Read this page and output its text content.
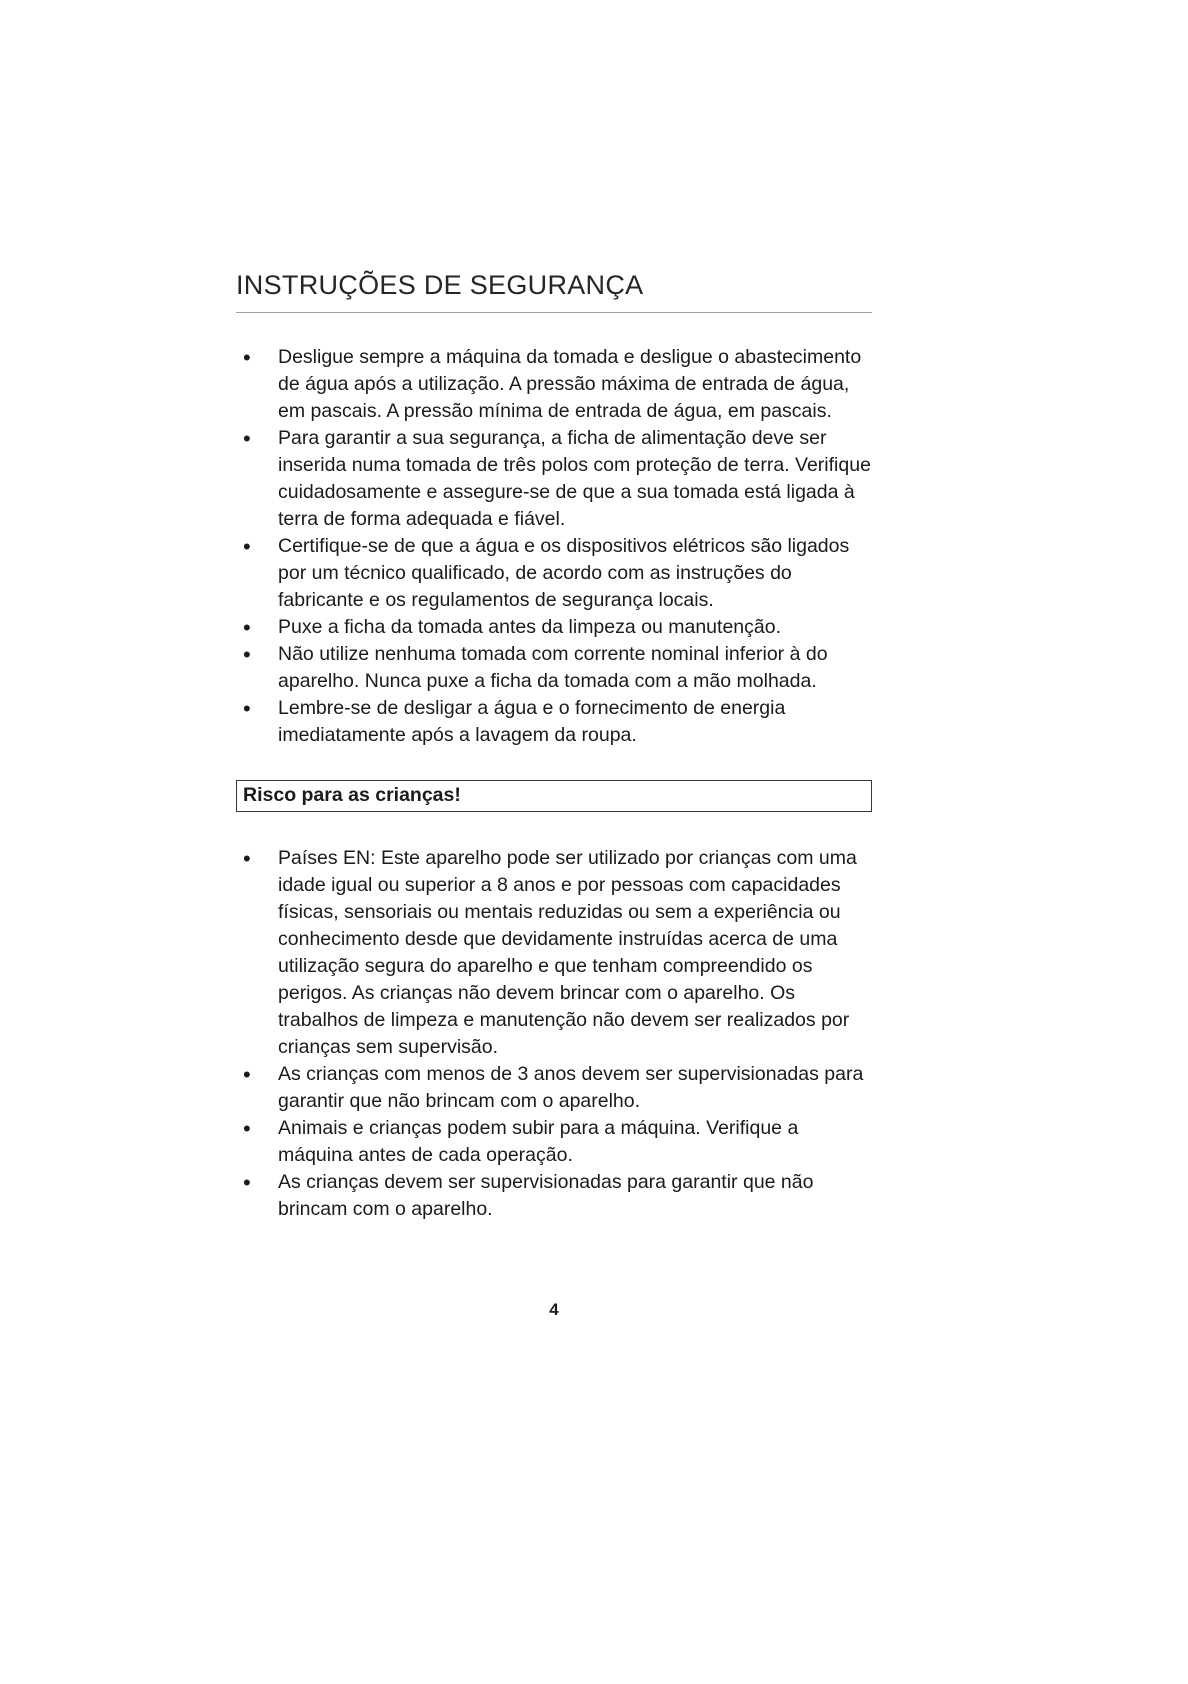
INSTRUÇÕES DE SEGURANÇA
• Desligue sempre a máquina da tomada e desligue o abastecimento de água após a utilização. A pressão máxima de entrada de água, em pascais. A pressão mínima de entrada de água, em pascais.
• Para garantir a sua segurança, a ficha de alimentação deve ser inserida numa tomada de três polos com proteção de terra. Verifique cuidadosamente e assegure-se de que a sua tomada está ligada à terra de forma adequada e fiável.
• Certifique-se de que a água e os dispositivos elétricos são ligados por um técnico qualificado, de acordo com as instruções do fabricante e os regulamentos de segurança locais.
• Puxe a ficha da tomada antes da limpeza ou manutenção.
• Não utilize nenhuma tomada com corrente nominal inferior à do aparelho. Nunca puxe a ficha da tomada com a mão molhada.
• Lembre-se de desligar a água e o fornecimento de energia imediatamente após a lavagem da roupa.
Risco para as crianças!
• Países EN: Este aparelho pode ser utilizado por crianças com uma idade igual ou superior a 8 anos e por pessoas com capacidades físicas, sensoriais ou mentais reduzidas ou sem a experiência ou conhecimento desde que devidamente instruídas acerca de uma utilização segura do aparelho e que tenham compreendido os perigos. As crianças não devem brincar com o aparelho. Os trabalhos de limpeza e manutenção não devem ser realizados por crianças sem supervisão.
• As crianças com menos de 3 anos devem ser supervisionadas para garantir que não brincam com o aparelho.
• Animais e crianças podem subir para a máquina. Verifique a máquina antes de cada operação.
• As crianças devem ser supervisionadas para garantir que não brincam com o aparelho.
4
